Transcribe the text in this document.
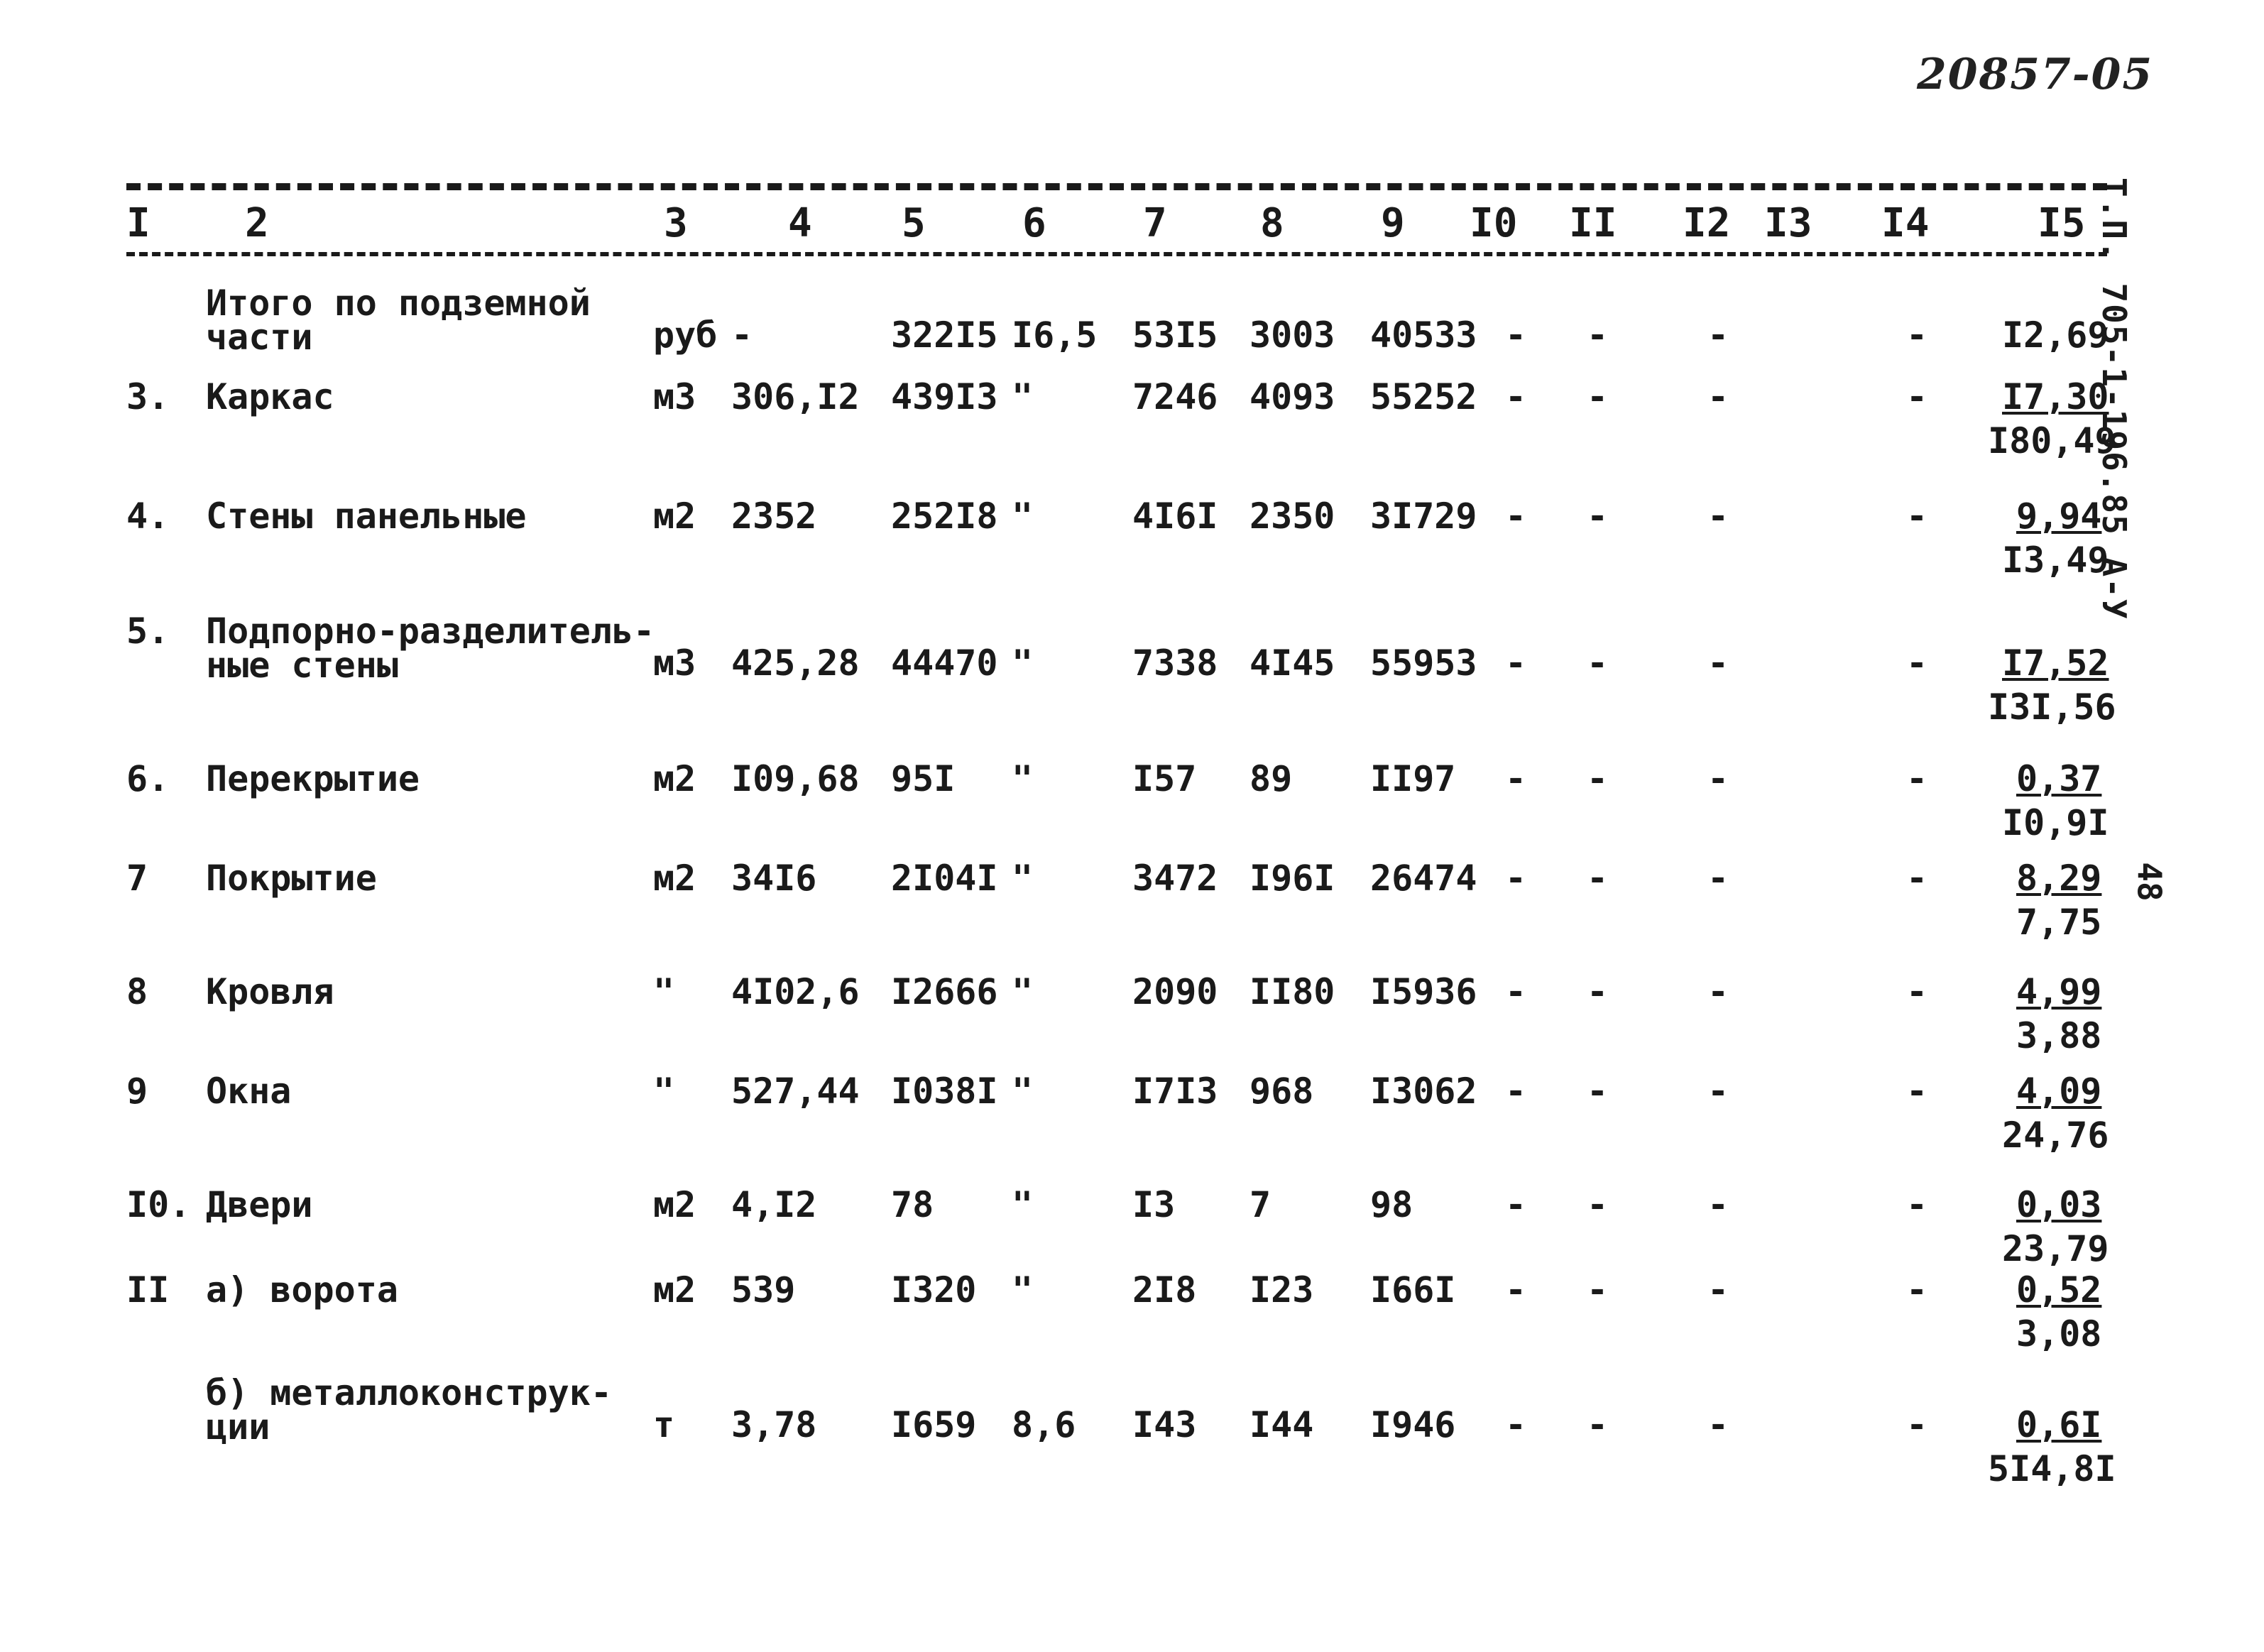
20857-05
Т.П. 705-1-196.85 А-У
48
I 2	3	4 5 6 7 8 9 I0 II I2 I3 I4	I5
Итого по подземной
части	руб -	322I5 I6,5 53I5 3003 40533 - -	-	- I2,69
3. Каркас	м3 306,I2 439I3 "	7246 4093 55252 - -	-	- I7,30
I80,49
4. Стены панельные	м2 2352 252I8 "	4I6I 2350 3I729 - -	-	- 9,94
I3,49
5. Подпорно-разделитель-
ные стены	м3 425,28 44470 "	7338 4I45 55953 - -	-	- I7,52
I3I,56
6. Перекрытие	м2 I09,68 95I "	I57 89 II97 - -	-	- 0,37
I0,9I
7 Покрытие	м2 34I6 2I04I "	3472 I96I 26474 - -	-	- 8,29
7,75
8 Кровля	" 4I02,6 I2666 "	2090 II80 I5936 - -	-	- 4,99
3,88
9 Окна	" 527,44 I038I "	I7I3 968 I3062 - -	-	- 4,09
24,76
I0. Двери	м2 4,I2 78 "	I3 7	98	- -	-	- 0,03
23,79
II а) ворота	м2 539	I320 "	2I8 I23 I66I - -	-	- 0,52
3,08
б) металлоконструк-
ции	т 3,78 I659 8,6 I43 I44 I946 - -	-	- 0,6I
5I4,8I
